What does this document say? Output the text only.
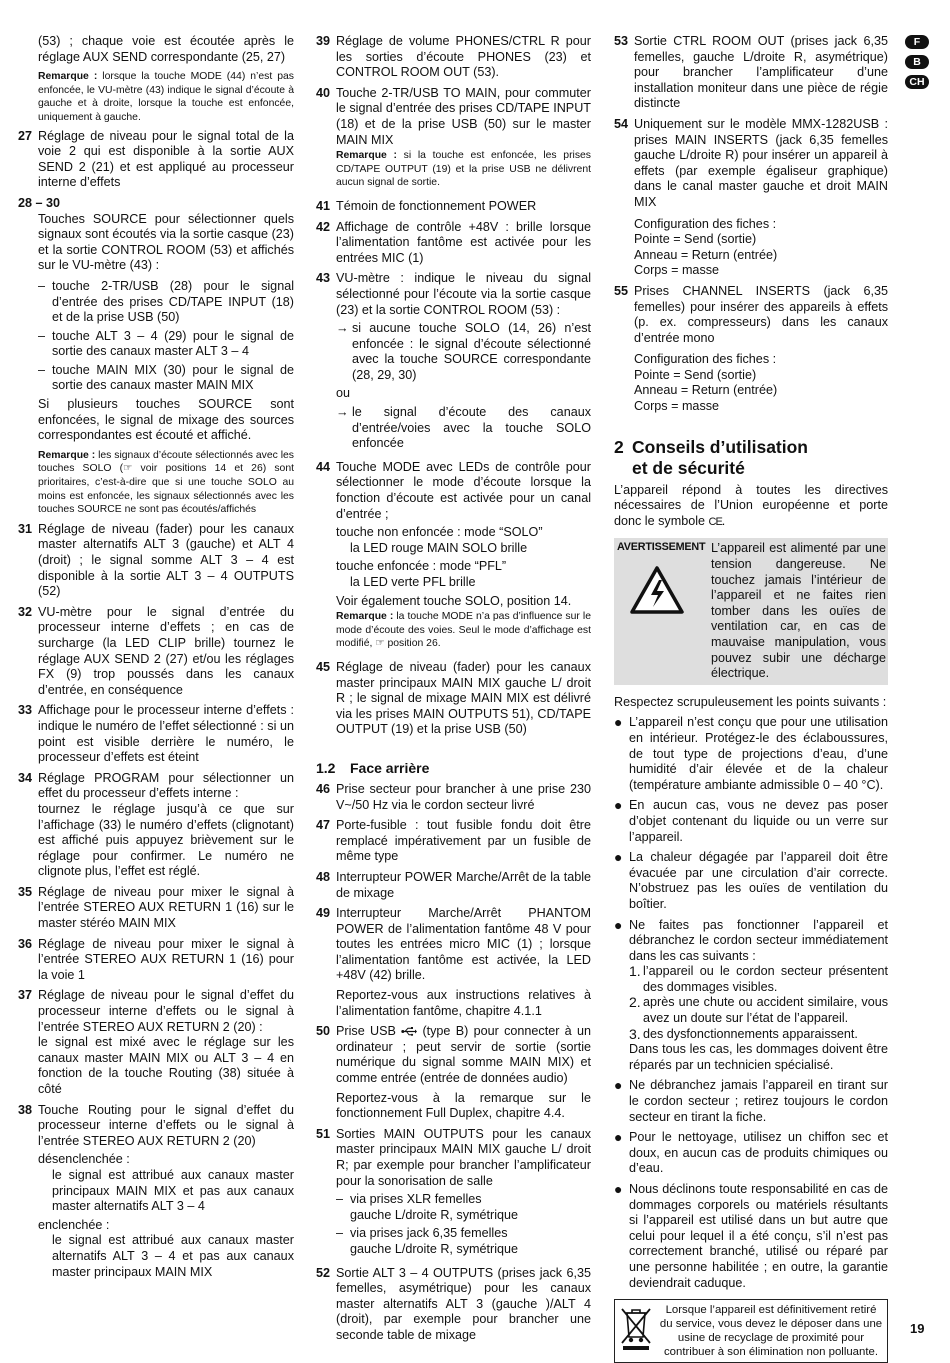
F
B
CH

(53) ; chaque voie est écoutée après le réglage AUX SEND correspondante (25, 27)

Remarque : lorsque la touche MODE (44) n’est pas enfoncée, le VU-mètre (43) indique le signal d’écoute à gauche et à droite, lorsque la touche est enfoncée, uniquement à gauche.

27 Réglage de niveau pour le signal total de la voie 2 qui est disponible à la sortie AUX SEND 2 (21) et est appliqué au processeur interne d’effets
28 – 30

Touches SOURCE pour sélectionner quels signaux sont écoutés via la sortie casque (23) et la sortie CONTROL ROOM (53) et affichés sur le VU-mètre (43) :

– touche 2-TR/USB (28) pour le signal d’entrée des prises CD/TAPE INPUT (18) et de la prise USB (50)
– touche ALT 3 – 4 (29) pour le signal de sortie des canaux master ALT 3 – 4
– touche MAIN MIX (30) pour le signal de sortie des canaux master MAIN MIX

Si plusieurs touches SOURCE sont enfoncées, le signal de mixage des sources correspondantes est écouté et affiché.

Remarque : les signaux d’écoute sélectionnés avec les touches SOLO (☞ voir positions 14 et 26) sont prioritaires, c’est-à-dire que si une touche SOLO au moins est enfoncée, les signaux sélectionnés avec les touches SOURCE ne sont pas écoutés/affichés

31 Réglage de niveau (fader) pour les canaux master alternatifs ALT 3 (gauche) et ALT 4 (droit) ; le signal somme ALT 3 – 4 est disponible à la sortie ALT 3 – 4 OUTPUTS (52)
32 VU-mètre pour le signal d’entrée du processeur interne d’effets ; en cas de surcharge (la LED CLIP brille) tournez le réglage AUX SEND 2 (27) et/ou les réglages FX (9) trop poussés dans les canaux d’entrée, en conséquence
33 Affichage pour le processeur interne d’effets : indique le numéro de l’effet sélectionné : si un point est visible derrière le numéro, le processeur d’effets est éteint
34 Réglage PROGRAM pour sélectionner un effet du processeur d’effets interne :
tournez le réglage jusqu’à ce que sur l’affichage (33) le numéro d’effets (clignotant) est affiché puis appuyez brièvement sur le réglage pour confirmer. Le numéro ne clignote plus, l’effet est réglé.
35 Réglage de niveau pour mixer le signal à l’entrée STEREO AUX RETURN 1 (16) sur le master stéréo MAIN MIX
36 Réglage de niveau pour mixer le signal à l’entrée STEREO AUX RETURN 1 (16) pour la voie 1
37 Réglage de niveau pour le signal d’effet du processeur interne d’effets ou le signal à l’entrée STEREO AUX RETURN 2 (20) :
le signal est mixé avec le réglage sur les canaux master MAIN MIX ou ALT 3 – 4 en fonction de la touche Routing (38) située à côté
38 Touche Routing pour le signal d’effet du processeur interne d’effets ou le signal à l’entrée STEREO AUX RETURN 2 (20)
désenclenchée :
le signal est attribué aux canaux master principaux MAIN MIX et pas aux canaux master alternatifs ALT 3 – 4
enclenchée :
le signal est attribué aux canaux master alternatifs ALT 3 – 4 et pas aux canaux master principaux MAIN MIX
39 Réglage de volume PHONES/CTRL R pour les sorties d’écoute PHONES (23) et CONTROL ROOM OUT (53).
40 Touche 2-TR/USB TO MAIN, pour commuter le signal d’entrée des prises CD/TAPE INPUT (18) et de la prise USB (50) sur le master MAIN MIX

Remarque : si la touche est enfoncée, les prises CD/TAPE OUTPUT (19) et la prise USB ne délivrent aucun signal de sortie.

41 Témoin de fonctionnement POWER
42 Affichage de contrôle +48V : brille lorsque l’alimentation fantôme est activée pour les entrées MIC (1)
43 VU-mètre : indique le niveau du signal sélectionné pour l’écoute via la sortie casque (23) et la sortie CONTROL ROOM (53) :
→ si aucune touche SOLO (14, 26) n’est enfoncée : le signal d’écoute sélectionné avec la touche SOURCE correspondante (28, 29, 30)
ou
→ le signal d’écoute des canaux d’entrée/voies avec la touche SOLO enfoncée
44 Touche MODE avec LEDs de contrôle pour sélectionner le mode d’écoute lorsque la fonction d’écoute est activée pour un canal d’entrée ;
touche non enfoncée : mode “SOLO”
la LED rouge MAIN SOLO brille
touche enfoncée : mode “PFL”
la LED verte PFL brille
Voir également touche SOLO, position 14.

Remarque : la touche MODE n’a pas d’influence sur le mode d’écoute des voies. Seul le mode d’affichage est modifié, ☞ position 26.

45 Réglage de niveau (fader) pour les canaux master principaux MAIN MIX gauche L/ droit R ; le signal de mixage MAIN MIX est délivré via les prises MAIN OUTPUTS 51), CD/TAPE OUTPUT (19) et la prise USB (50)
1.2	Face arrière
46 Prise secteur pour brancher à une prise 230 V~/50 Hz via le cordon secteur livré
47 Porte-fusible : tout fusible fondu doit être remplacé impérativement par un fusible de même type
48 Interrupteur POWER Marche/Arrêt de la table de mixage
49 Interrupteur Marche/Arrêt PHANTOM POWER de l’alimentation fantôme 48 V pour toutes les entrées micro MIC (1) ; lorsque l’alimentation fantôme est activée, la LED +48V (42) brille.
Reportez-vous aux instructions relatives à l’alimentation fantôme, chapitre 4.1.1
50 Prise USB  (type B) pour connecter à un ordinateur ; peut servir de sortie (sortie numérique du signal somme MAIN MIX) et comme entrée (entrée de données audio)
Reportez-vous à la remarque sur le fonctionnement Full Duplex, chapitre 4.4.
51 Sorties MAIN OUTPUTS pour les canaux master principaux MAIN MIX gauche L/ droit R; par exemple pour brancher l’amplificateur pour la sonorisation de salle
– via prises XLR femelles
gauche L/droite R, symétrique
– via prises jack 6,35 femelles
gauche L/droite R, symétrique
52 Sortie ALT 3 – 4 OUTPUTS (prises jack 6,35 femelles, asymétrique) pour les canaux master alternatifs ALT 3 (gauche )/ALT 4 (droit), par exemple pour brancher une seconde table de mixage
53 Sortie CTRL ROOM OUT (prises jack 6,35 femelles, gauche L/droite R, asymétrique) pour brancher l’amplificateur d’une installation moniteur dans une pièce de régie distincte
54 Uniquement sur le modèle MMX-1282USB : prises MAIN INSERTS (jack 6,35 femelles gauche L/droite R) pour insérer un appareil à effets (par exemple égaliseur graphique) dans le canal master gauche et droit MAIN MIX
Configuration des fiches :
Pointe = Send (sortie)
Anneau = Return (entrée)
Corps = masse
55 Prises CHANNEL INSERTS (jack 6,35 femelles) pour insérer des appareils à effets (p. ex. compresseurs) dans les canaux d’entrée mono
Configuration des fiches :
Pointe = Send (sortie)
Anneau = Return (entrée)
Corps = masse
2 Conseils d’utilisation
et de sécurité

L’appareil répond à toutes les directives nécessaires de l’Union européenne et porte donc le symbole CE.

AVERTISSEMENT L’appareil est alimenté par une tension dangereuse. Ne touchez jamais l’intérieur de l’appareil et ne faites rien tomber dans les ouïes de ventilation car, en cas de mauvaise manipulation, vous pouvez subir une décharge électrique.

Respectez scrupuleusement les points suivants :

● L’appareil n’est conçu que pour une utilisation en intérieur. Protégez-le des éclaboussures, de tout type de projections d’eau, d’une humidité d’air élevée et de la chaleur (température ambiante admissible 0 – 40 °C).
● En aucun cas, vous ne devez pas poser d’objet contenant du liquide ou un verre sur l’appareil.
● La chaleur dégagée par l’appareil doit être évacuée par une circulation d’air correcte. N’obstruez pas les ouïes de ventilation du boîtier.
● Ne faites pas fonctionner l’appareil et débranchez le cordon secteur immédiatement dans les cas suivants :
1. l’appareil ou le cordon secteur présentent des dommages visibles.
2. après une chute ou accident similaire, vous avez un doute sur l’état de l’appareil.
3. des dysfonctionnements apparaissent.
Dans tous les cas, les dommages doivent être réparés par un technicien spécialisé.
● Ne débranchez jamais l’appareil en tirant sur le cordon secteur ; retirez toujours le cordon secteur en tirant la fiche.
● Pour le nettoyage, utilisez un chiffon sec et doux, en aucun cas de produits chimiques ou d’eau.
● Nous déclinons toute responsabilité en cas de dommages corporels ou matériels résultants si l’appareil est utilisé dans un but autre que celui pour lequel il a été conçu, s’il n’est pas correctement branché, utilisé ou réparé par une personne habilitée ; en outre, la garantie deviendrait caduque.
Lorsque l’appareil est définitivement retiré du service, vous devez le déposer dans une usine de recyclage de proximité pour contribuer à son élimination non polluante.
19
